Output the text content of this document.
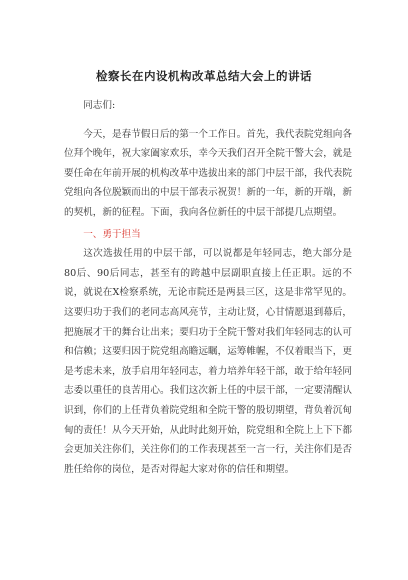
检察长在内设机构改革总结大会上的讲话

同志们:

今天，是春节假日后的第一个工作日。首先，我代表院党组向各位拜个晚年，祝大家阖家欢乐，幸今天我们召开全院干警大会，就是要任命在年前开展的机构改革中选拔出来的部门中层干部，我代表院党组向各位脱颖而出的中层干部表示祝贺！新的一年，新的开端，新的契机，新的征程。下面，我向各位新任的中层干部提几点期望。

一、勇于担当

这次选拔任用的中层干部，可以说都是年轻同志，绝大部分是80后、90后同志，甚至有的跨越中层副职直接上任正职。远的不说，就说在X检察系统，无论市院还是两县三区，这是非常罕见的。这要归功于我们的老同志高风亮节，主动让贤，心甘情愿退到幕后，把施展才干的舞台让出来；要归功于全院干警对我们年轻同志的认可和信赖；这要归因于院党组高瞻远瞩，运筹帷幄，不仅着眼当下，更是考虑未来，放手启用年轻同志，着力培养年轻干部，敢于给年轻同志委以重任的良苦用心。我们这次新上任的中层干部，一定要清醒认识到，你们的上任背负着院党组和全院干警的殷切期望，背负着沉甸甸的责任！从今天开始，从此时此刻开始，院党组和全院上上下下都会更加关注你们，关注你们的工作表现甚至一言一行，关注你们是否胜任给你的岗位，是否对得起大家对你的信任和期望。
